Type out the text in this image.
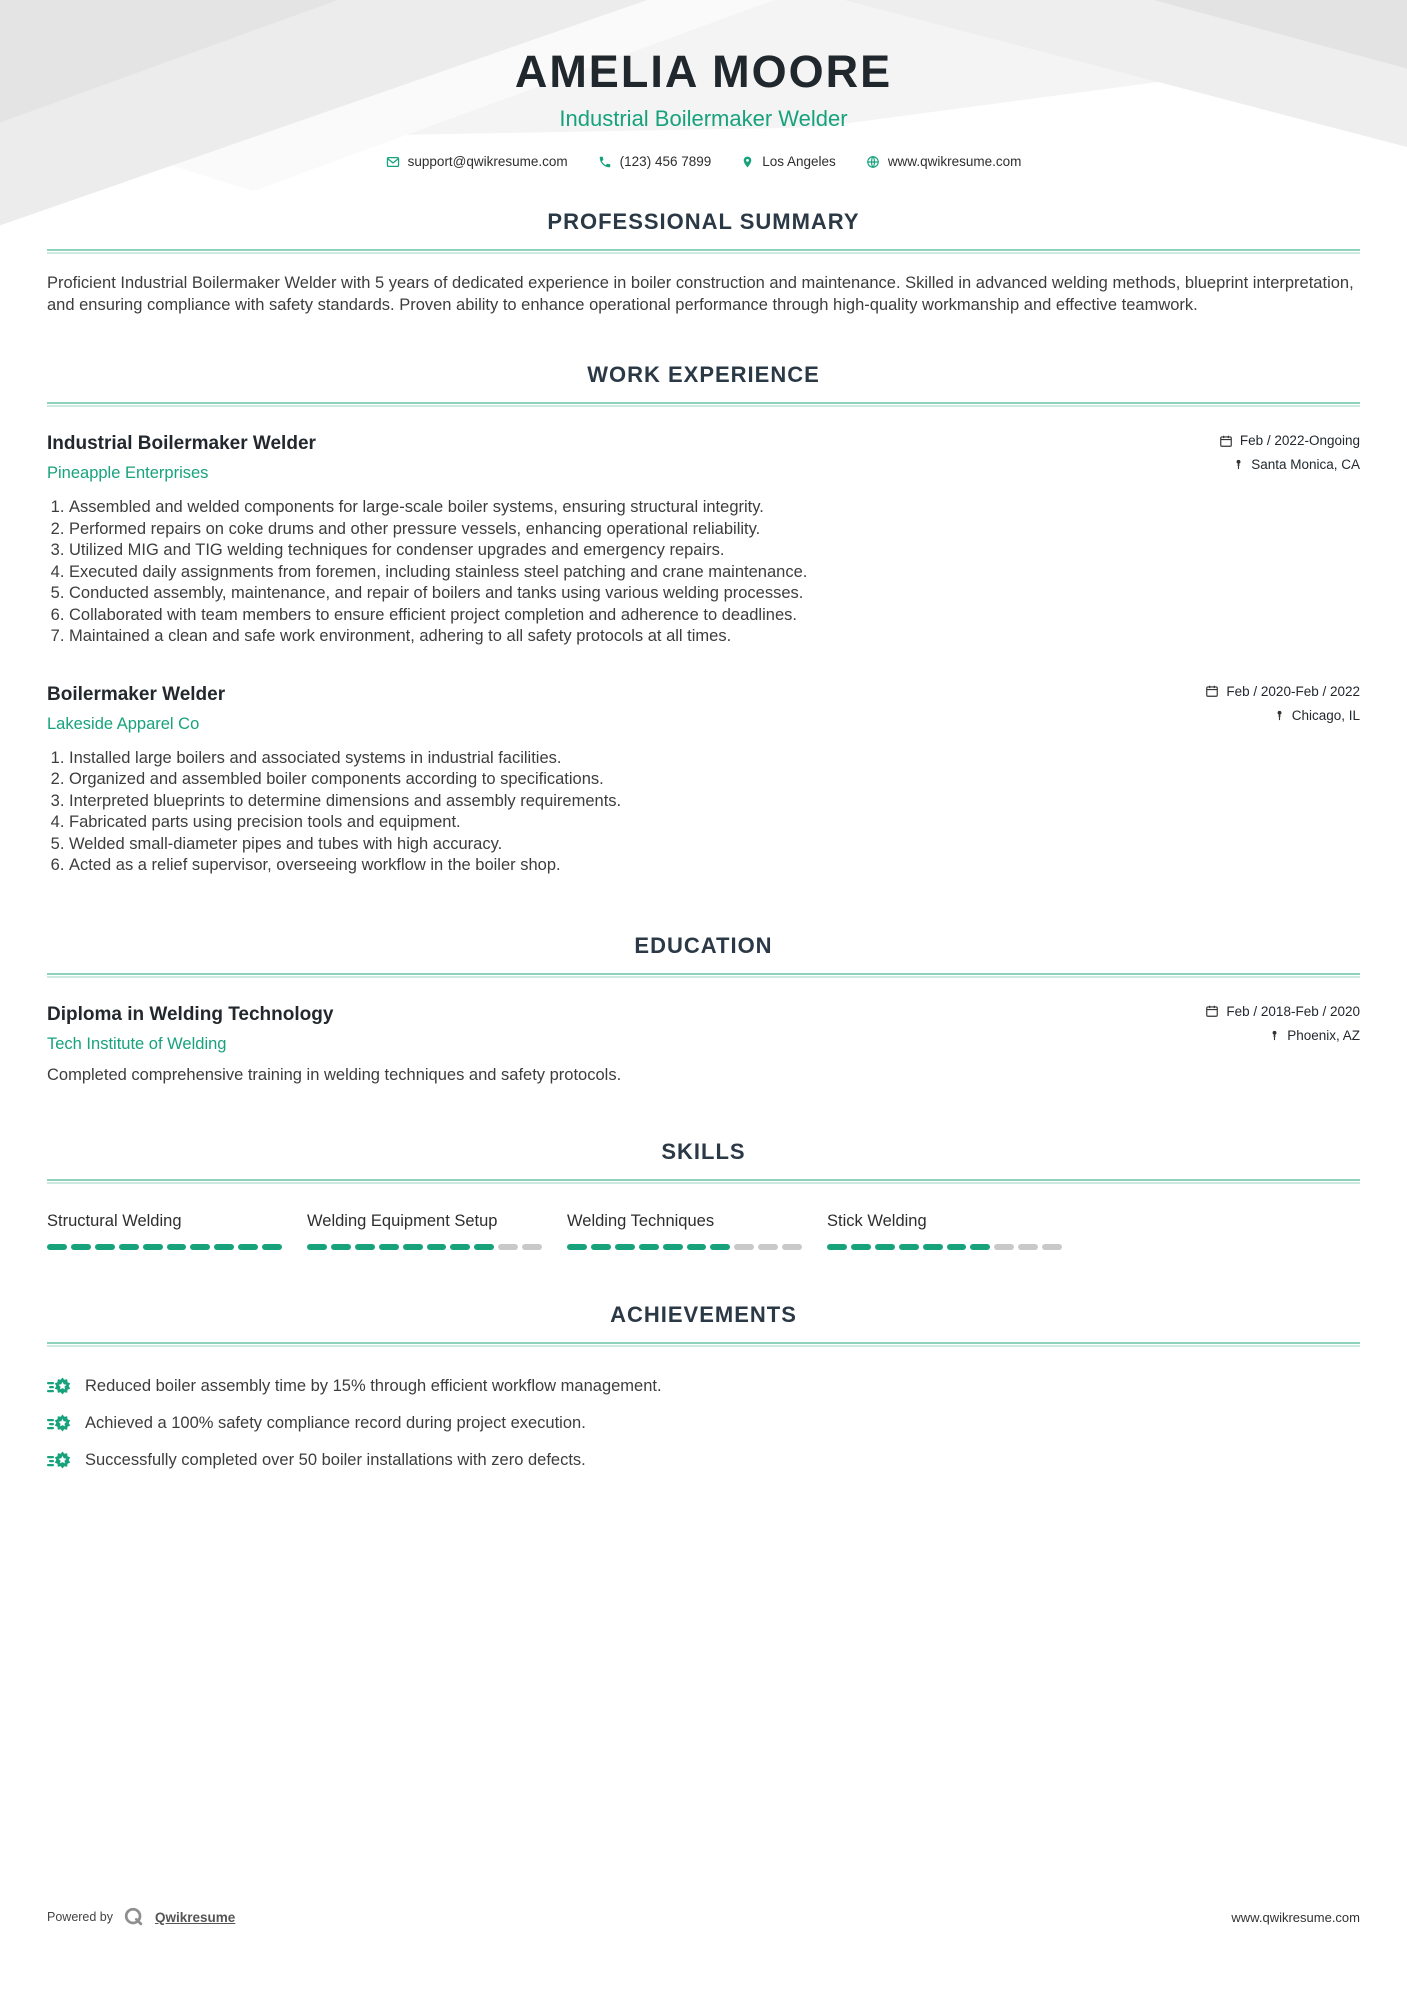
AMELIA MOORE
Industrial Boilermaker Welder
support@qwikresume.com	(123) 456 7899	Los Angeles	www.qwikresume.com
PROFESSIONAL SUMMARY

Proficient Industrial Boilermaker Welder with 5 years of dedicated experience in boiler construction and maintenance. Skilled in advanced welding methods, blueprint interpretation, and ensuring compliance with safety standards. Proven ability to enhance operational performance through high-quality workmanship and effective teamwork.

WORK EXPERIENCE
Industrial Boilermaker Welder
Pineapple Enterprises
Feb / 2022-Ongoing
Santa Monica, CA
1. Assembled and welded components for large-scale boiler systems, ensuring structural integrity.
2. Performed repairs on coke drums and other pressure vessels, enhancing operational reliability.
3. Utilized MIG and TIG welding techniques for condenser upgrades and emergency repairs.
4. Executed daily assignments from foremen, including stainless steel patching and crane maintenance.
5. Conducted assembly, maintenance, and repair of boilers and tanks using various welding processes.
6. Collaborated with team members to ensure efficient project completion and adherence to deadlines.
7. Maintained a clean and safe work environment, adhering to all safety protocols at all times.
Boilermaker Welder
Lakeside Apparel Co
Feb / 2020-Feb / 2022
Chicago, IL
1. Installed large boilers and associated systems in industrial facilities.
2. Organized and assembled boiler components according to specifications.
3. Interpreted blueprints to determine dimensions and assembly requirements.
4. Fabricated parts using precision tools and equipment.
5. Welded small-diameter pipes and tubes with high accuracy.
6. Acted as a relief supervisor, overseeing workflow in the boiler shop.
EDUCATION
Diploma in Welding Technology
Tech Institute of Welding
Feb / 2018-Feb / 2020
Phoenix, AZ

Completed comprehensive training in welding techniques and safety protocols.

SKILLS
Structural Welding	Welding Equipment Setup	Welding Techniques	Stick Welding
ACHIEVEMENTS
Reduced boiler assembly time by 15% through efficient workflow management.
Achieved a 100% safety compliance record during project execution.
Successfully completed over 50 boiler installations with zero defects.
Powered by	Qwikresume	www.qwikresume.com
